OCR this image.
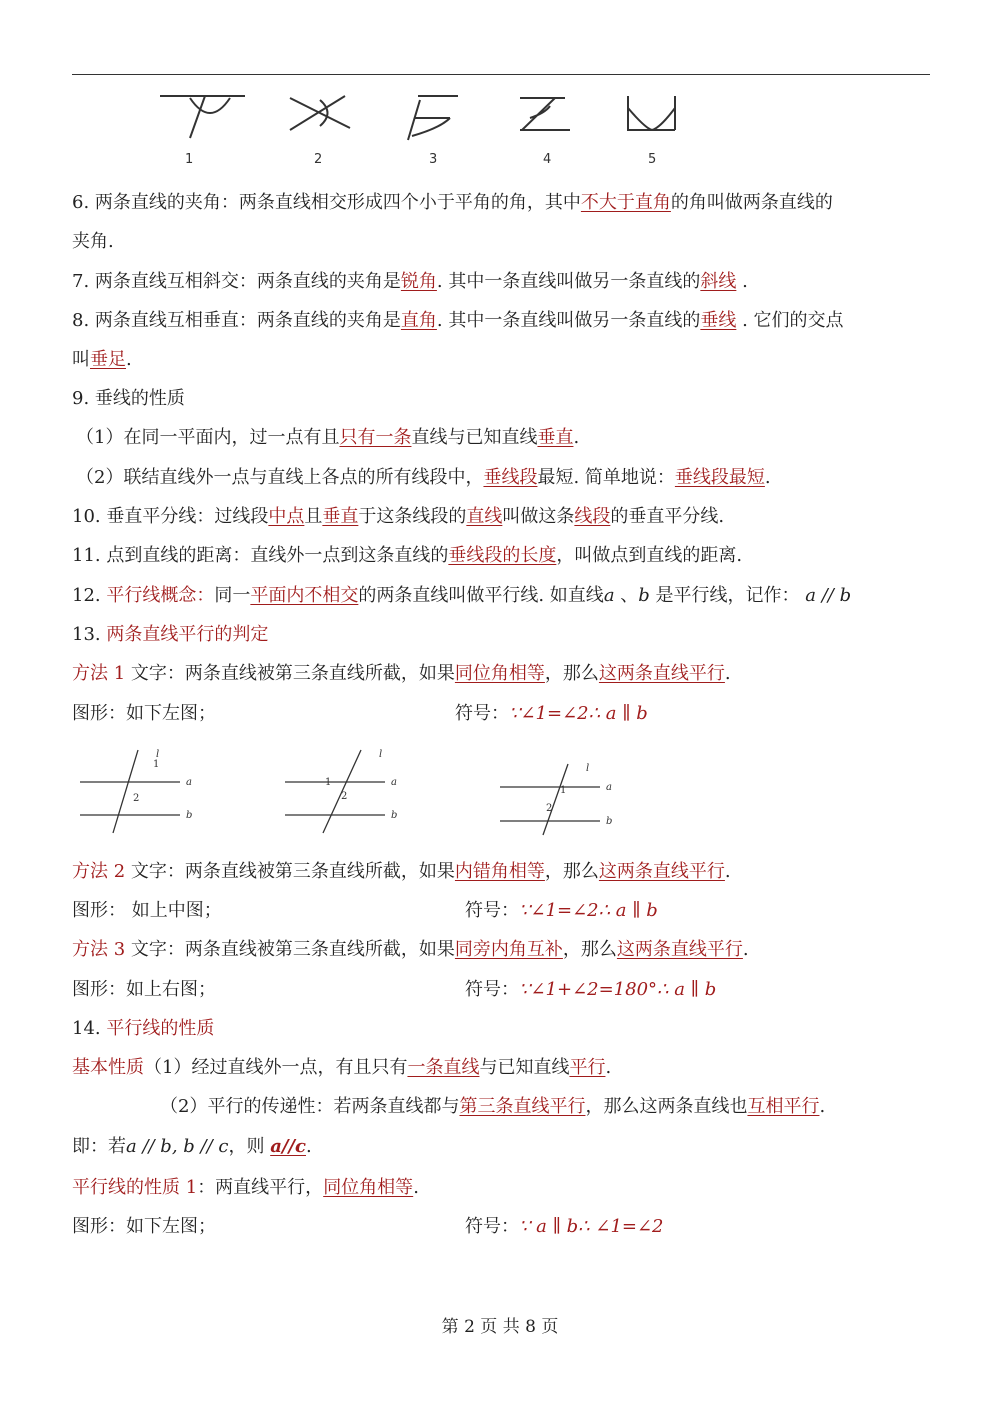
1	2	3	4	5
6. 两条直线的夹角：两条直线相交形成四个小于平角的角，其中不大于直角的角叫做两条直线的
夹角.
7. 两条直线互相斜交：两条直线的夹角是锐角. 其中一条直线叫做另一条直线的斜线 .
8. 两条直线互相垂直：两条直线的夹角是直角. 其中一条直线叫做另一条直线的垂线 . 它们的交点
叫垂足.
9. 垂线的性质
（1）在同一平面内，过一点有且只有一条直线与已知直线垂直.
（2）联结直线外一点与直线上各点的所有线段中，垂线段最短. 简单地说：垂线段最短.
10. 垂直平分线：过线段中点且垂直于这条线段的直线叫做这条线段的垂直平分线.
11. 点到直线的距离：直线外一点到这条直线的垂线段的长度，叫做点到直线的距离.
12. 平行线概念：同一平面内不相交的两条直线叫做平行线. 如直线a 、b 是平行线，记作： a // b
13. 两条直线平行的判定
方法 1 文字：两条直线被第三条直线所截，如果同位角相等，那么这两条直线平行.
图形：如下左图；	符号：∵∠1=∠2∴ a ∥ b
方法 2 文字：两条直线被第三条直线所截，如果内错角相等，那么这两条直线平行.
图形： 如上中图；	符号：∵∠1=∠2∴ a ∥ b
方法 3 文字：两条直线被第三条直线所截，如果同旁内角互补，那么这两条直线平行.
图形：如上右图；	符号：∵∠1+∠2=180°∴ a ∥ b
14. 平行线的性质
基本性质（1）经过直线外一点，有且只有一条直线与已知直线平行.
（2）平行的传递性：若两条直线都与第三条直线平行，那么这两条直线也互相平行.
即：若a // b, b // c，则 a//c.
平行线的性质 1：两直线平行，同位角相等.
图形：如下左图；	符号：∵ a ∥ b∴ ∠1=∠2
l
a
b
1
2
l
a
b
1
2
l
a
b
1
2
第 2 页 共 8 页
